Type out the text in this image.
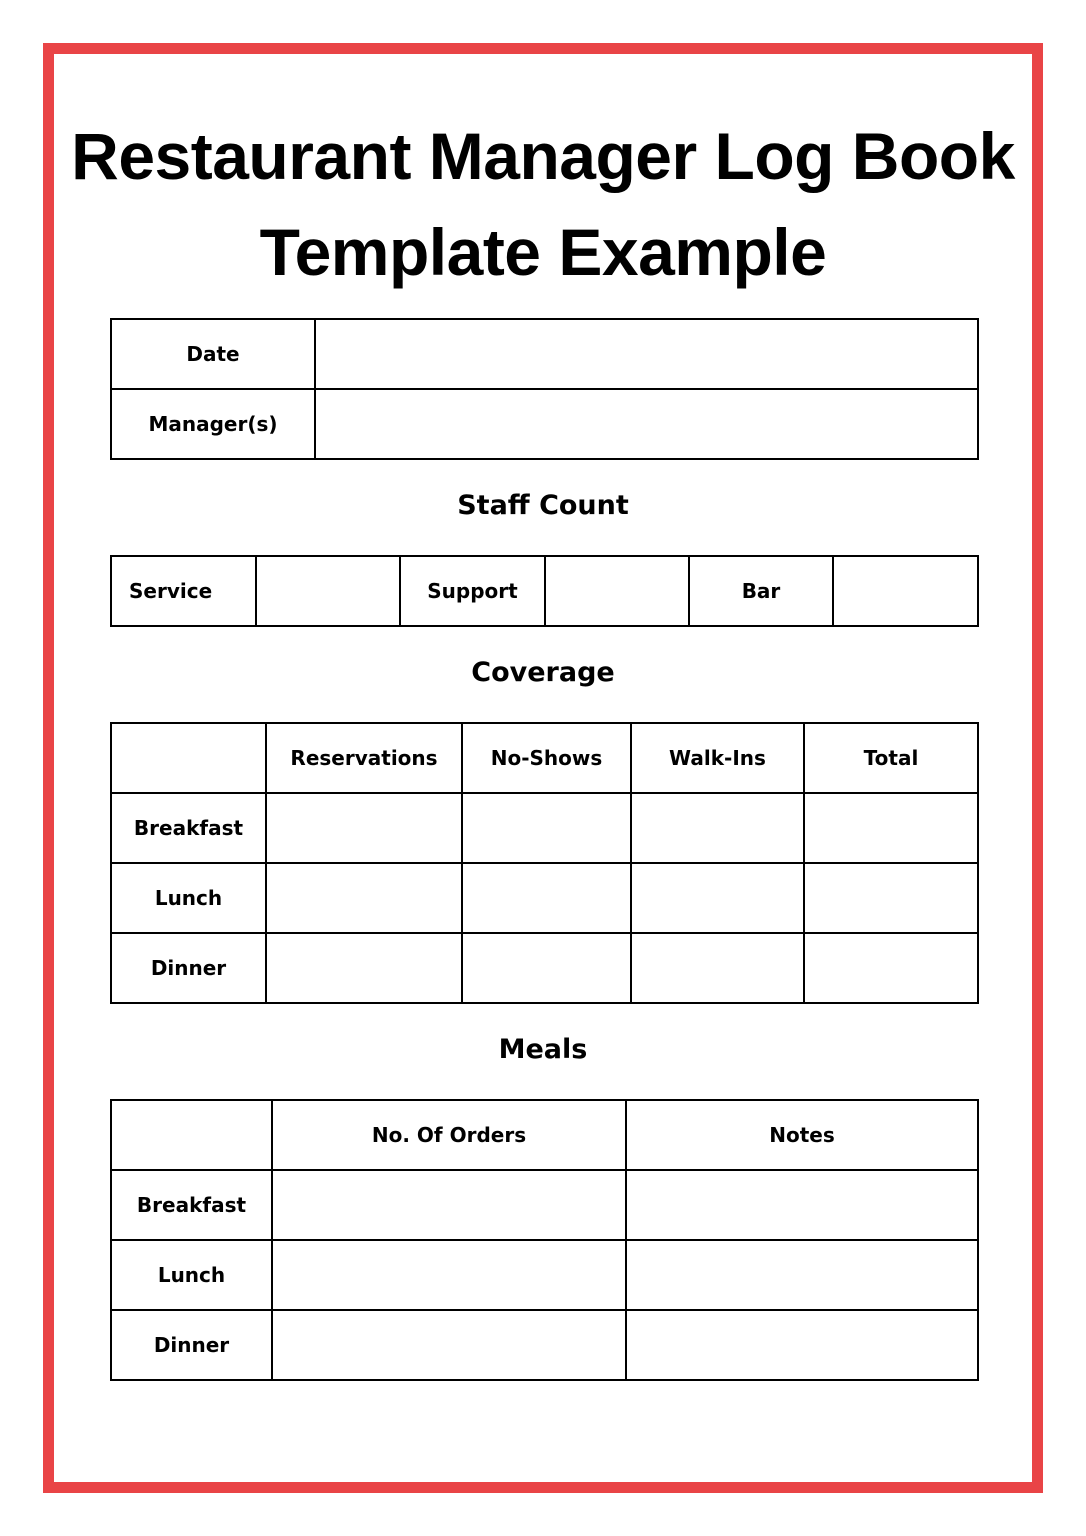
Restaurant Manager Log Book
Template Example
Date	
Manager(s)	
Staff Count
Service		Support		Bar	
Coverage
	Reservations	No-Shows	Walk-Ins	Total
Breakfast				
Lunch				
Dinner				
Meals
	No. Of Orders	Notes
Breakfast		
Lunch		
Dinner		
